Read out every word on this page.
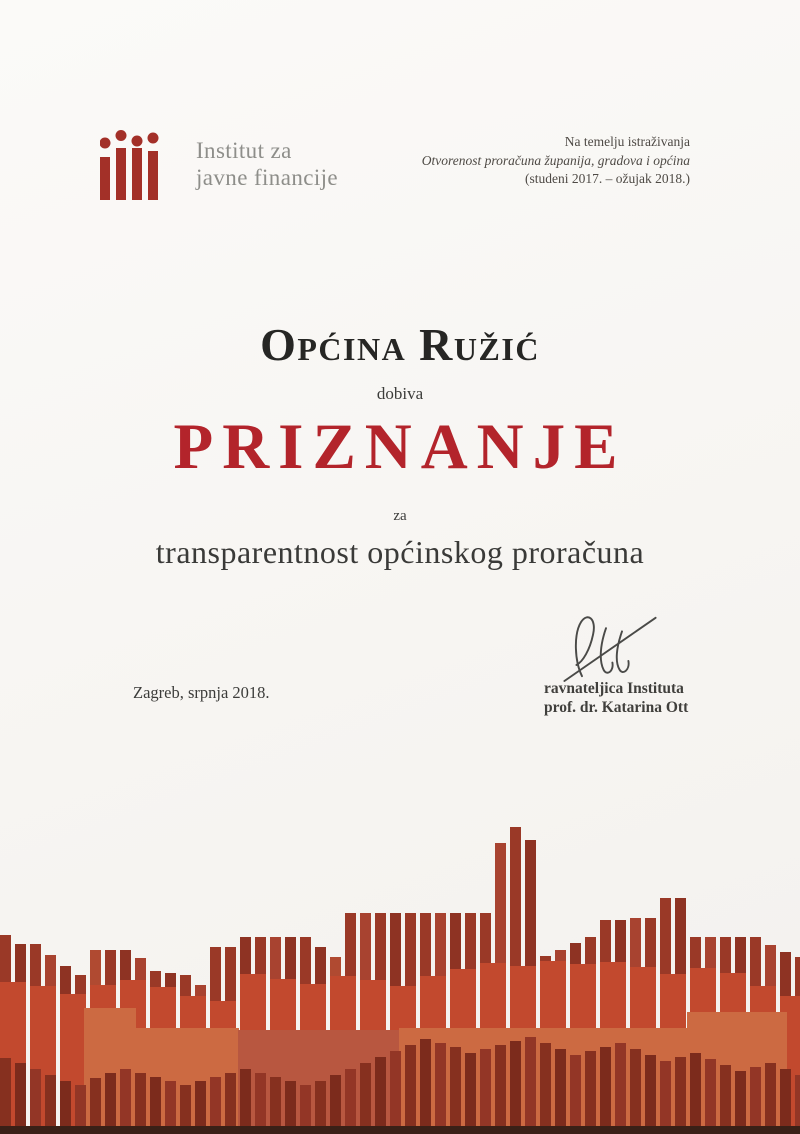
Institut za
javne financije
Na temelju istraživanja
Otvorenost proračuna županija, gradova i općina
(studeni 2017. – ožujak 2018.)
Općina Ružić
dobiva
PRIZNANJE
za
transparentnost općinskog proračuna
Zagreb, srpnja 2018.	ravnateljica Instituta
prof. dr. Katarina Ott
